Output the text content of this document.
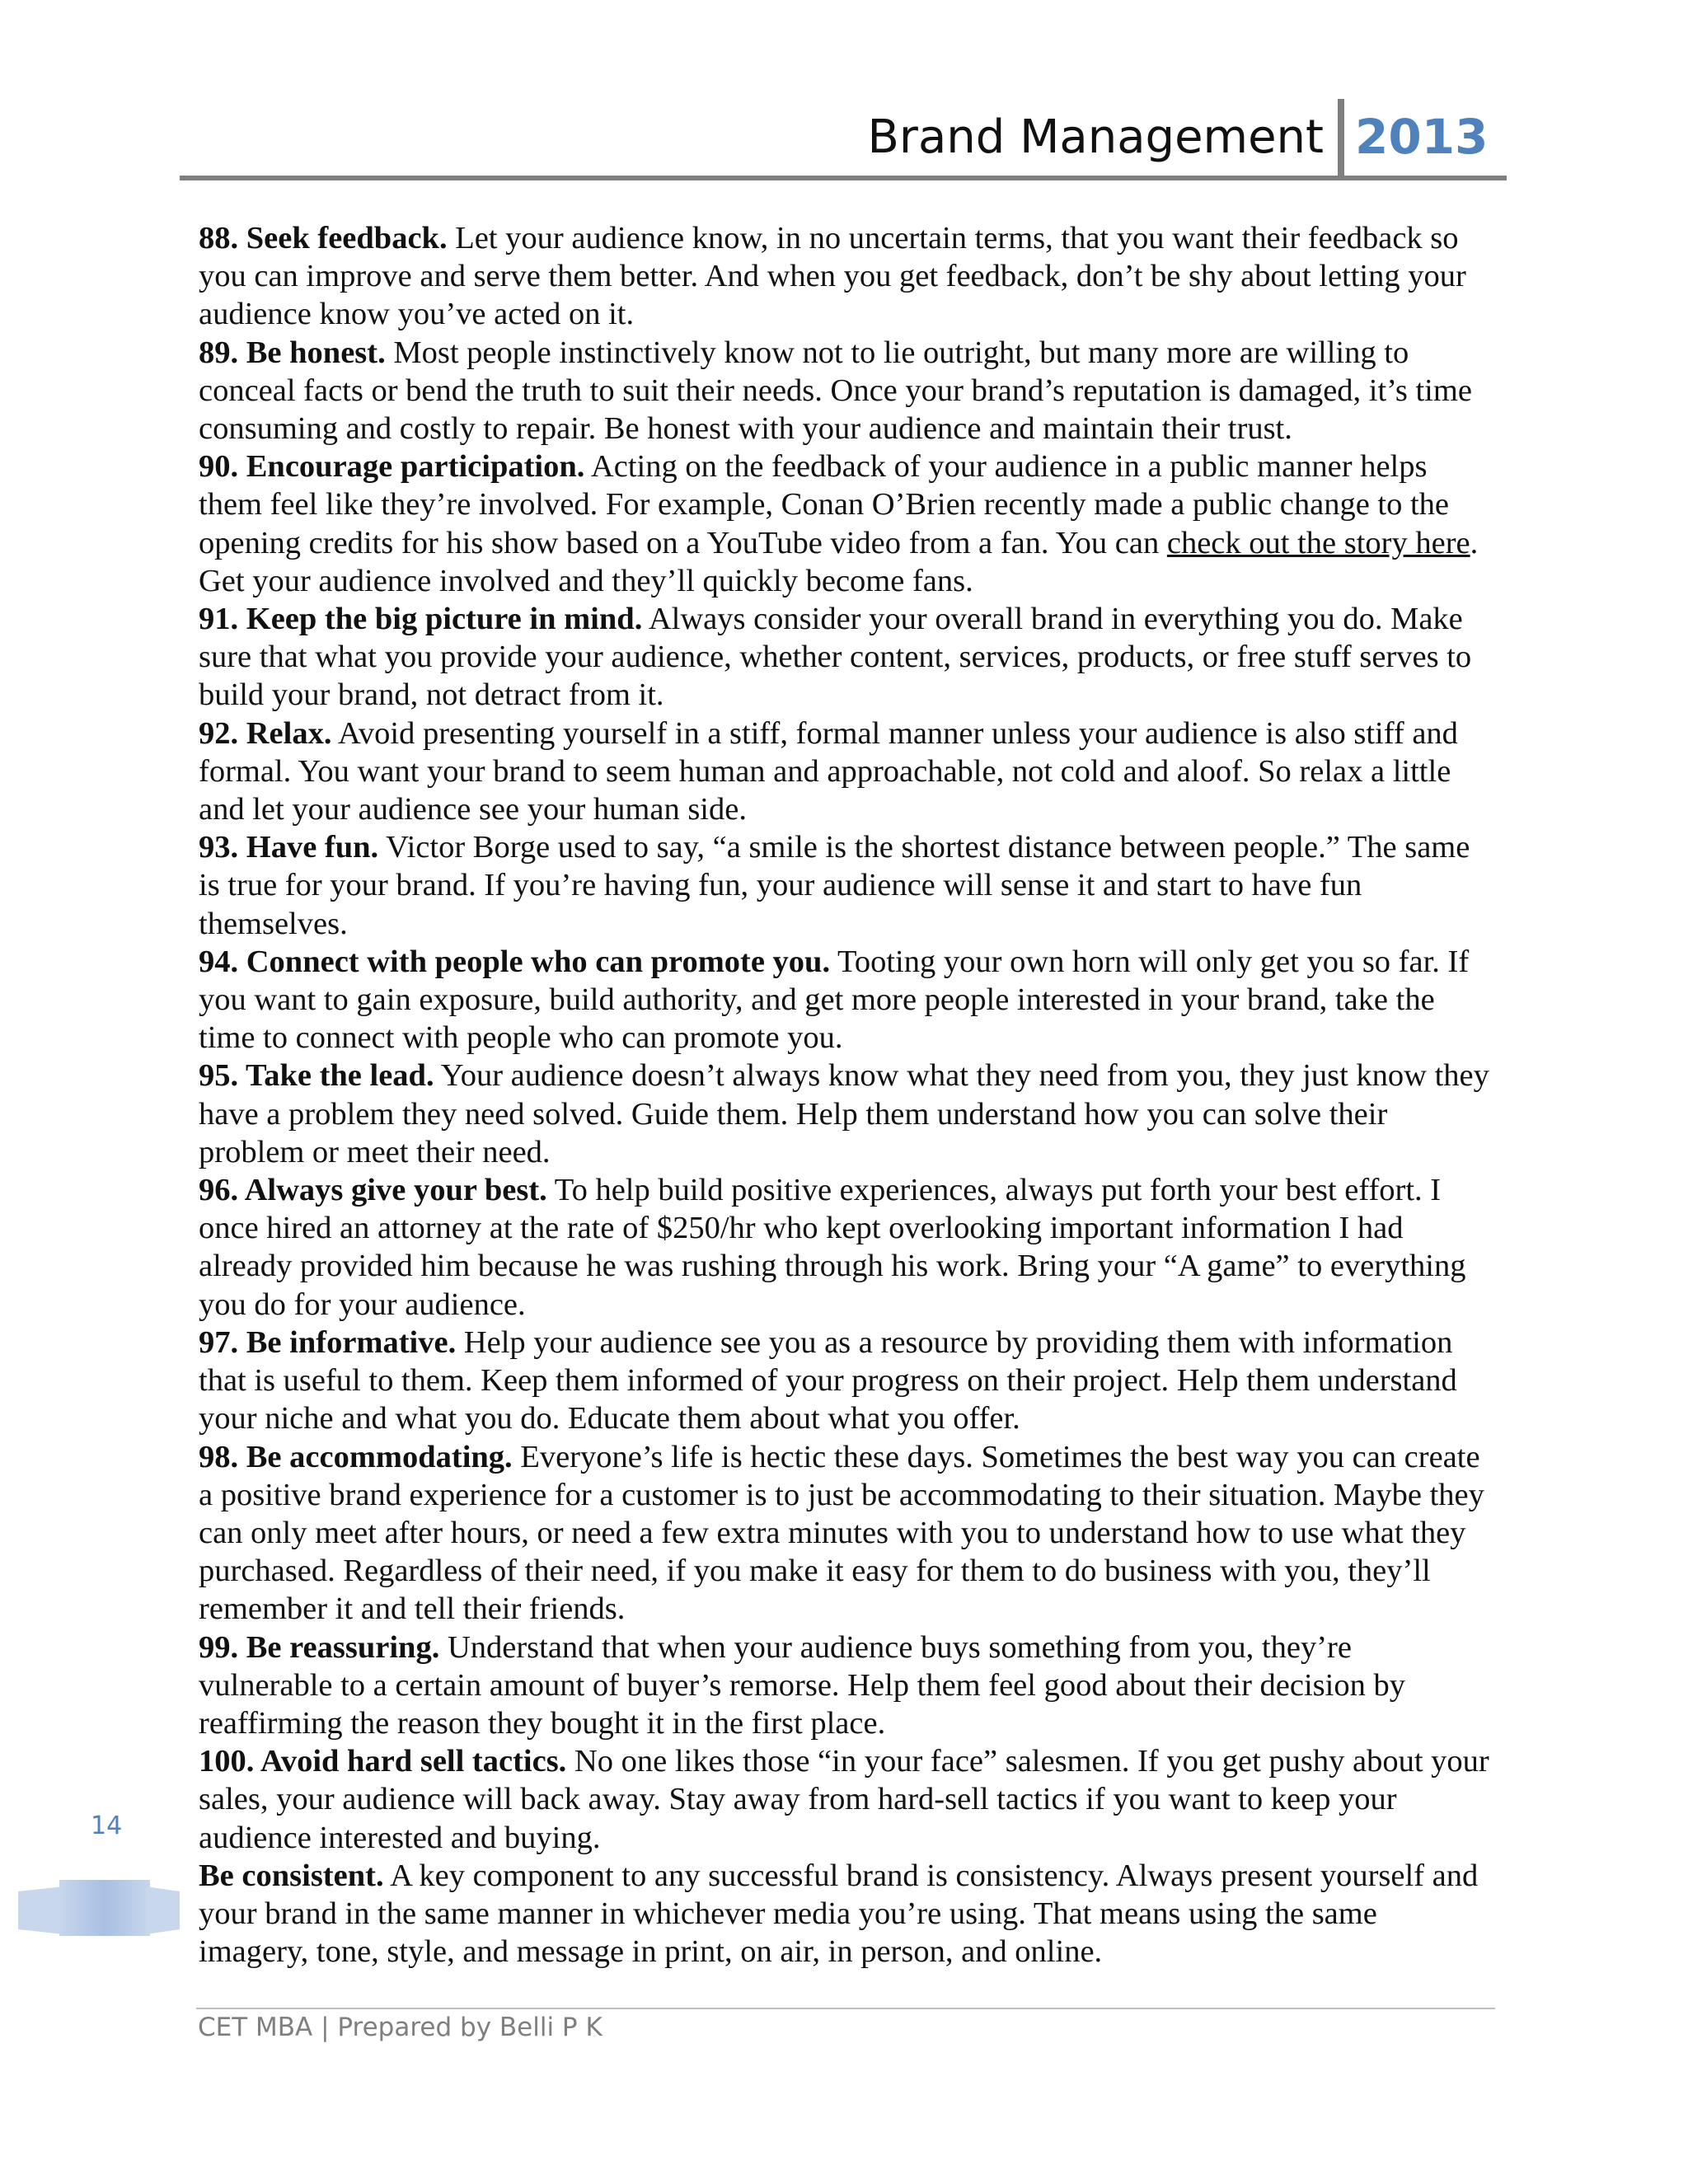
Brand Management 2013

88. Seek feedback. Let your audience know, in no uncertain terms, that you want their feedback so you can improve and serve them better. And when you get feedback, don’t be shy about letting your audience know you’ve acted on it.

89. Be honest. Most people instinctively know not to lie outright, but many more are willing to conceal facts or bend the truth to suit their needs. Once your brand’s reputation is damaged, it’s time consuming and costly to repair. Be honest with your audience and maintain their trust.

90. Encourage participation. Acting on the feedback of your audience in a public manner helps them feel like they’re involved. For example, Conan O’Brien recently made a public change to the opening credits for his show based on a YouTube video from a fan. You can check out the story here. Get your audience involved and they’ll quickly become fans.

91. Keep the big picture in mind. Always consider your overall brand in everything you do. Make sure that what you provide your audience, whether content, services, products, or free stuff serves to build your brand, not detract from it.

92. Relax. Avoid presenting yourself in a stiff, formal manner unless your audience is also stiff and formal. You want your brand to seem human and approachable, not cold and aloof. So relax a little and let your audience see your human side.

93. Have fun. Victor Borge used to say, “a smile is the shortest distance between people.” The same is true for your brand. If you’re having fun, your audience will sense it and start to have fun themselves.

94. Connect with people who can promote you. Tooting your own horn will only get you so far. If you want to gain exposure, build authority, and get more people interested in your brand, take the time to connect with people who can promote you.

95. Take the lead. Your audience doesn’t always know what they need from you, they just know they have a problem they need solved. Guide them. Help them understand how you can solve their problem or meet their need.

96. Always give your best. To help build positive experiences, always put forth your best effort. I once hired an attorney at the rate of $250/hr who kept overlooking important information I had already provided him because he was rushing through his work. Bring your “A game” to everything you do for your audience.

97. Be informative. Help your audience see you as a resource by providing them with information that is useful to them. Keep them informed of your progress on their project. Help them understand your niche and what you do. Educate them about what you offer.

98. Be accommodating. Everyone’s life is hectic these days. Sometimes the best way you can create a positive brand experience for a customer is to just be accommodating to their situation. Maybe they can only meet after hours, or need a few extra minutes with you to understand how to use what they purchased. Regardless of their need, if you make it easy for them to do business with you, they’ll remember it and tell their friends.

99. Be reassuring. Understand that when your audience buys something from you, they’re vulnerable to a certain amount of buyer’s remorse. Help them feel good about their decision by reaffirming the reason they bought it in the first place.

100. Avoid hard sell tactics. No one likes those “in your face” salesmen. If you get pushy about your sales, your audience will back away. Stay away from hard-sell tactics if you want to keep your audience interested and buying.

Be consistent. A key component to any successful brand is consistency. Always present yourself and your brand in the same manner in whichever media you’re using. That means using the same imagery, tone, style, and message in print, on air, in person, and online.

14
CET MBA | Prepared by Belli P K
